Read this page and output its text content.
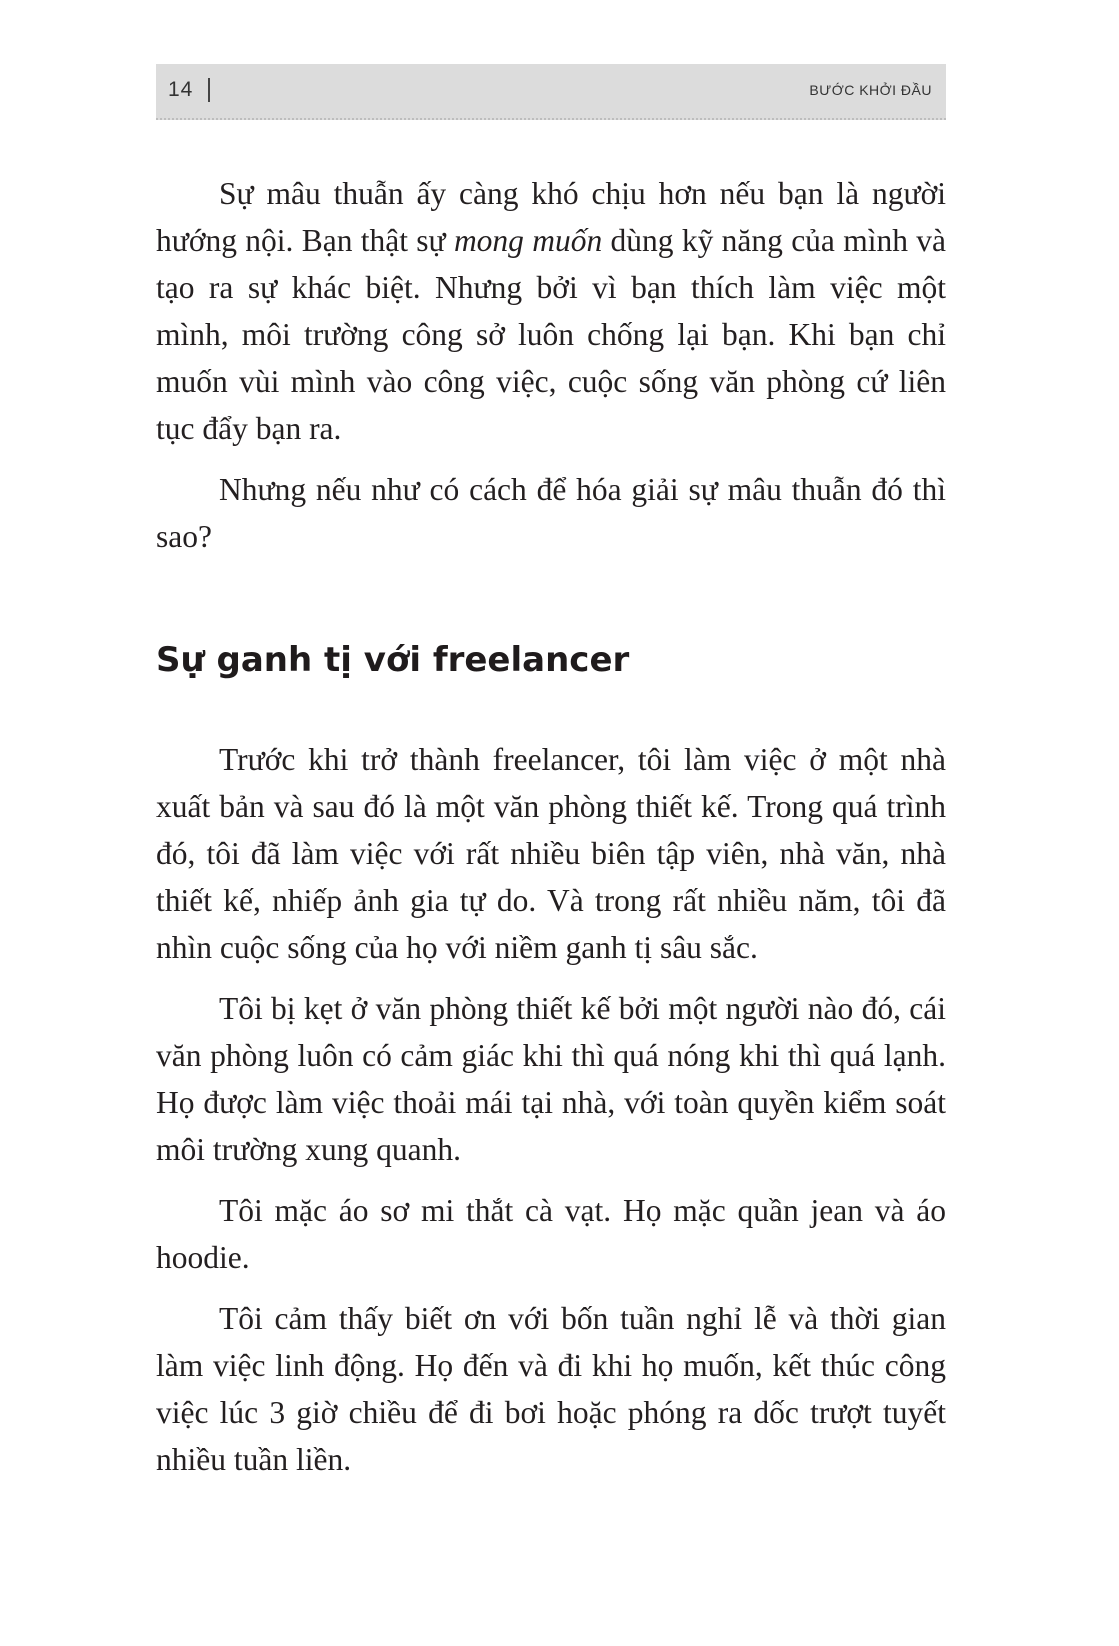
14	BƯỚC KHỞI ĐẦU

Sự mâu thuẫn ấy càng khó chịu hơn nếu bạn là người hướng nội. Bạn thật sự mong muốn dùng kỹ năng của mình và tạo ra sự khác biệt. Nhưng bởi vì bạn thích làm việc một mình, môi trường công sở luôn chống lại bạn. Khi bạn chỉ muốn vùi mình vào công việc, cuộc sống văn phòng cứ liên tục đẩy bạn ra.

Nhưng nếu như có cách để hóa giải sự mâu thuẫn đó thì sao?

Sự ganh tị với freelancer

Trước khi trở thành freelancer, tôi làm việc ở một nhà xuất bản và sau đó là một văn phòng thiết kế. Trong quá trình đó, tôi đã làm việc với rất nhiều biên tập viên, nhà văn, nhà thiết kế, nhiếp ảnh gia tự do. Và trong rất nhiều năm, tôi đã nhìn cuộc sống của họ với niềm ganh tị sâu sắc.

Tôi bị kẹt ở văn phòng thiết kế bởi một người nào đó, cái văn phòng luôn có cảm giác khi thì quá nóng khi thì quá lạnh. Họ được làm việc thoải mái tại nhà, với toàn quyền kiểm soát môi trường xung quanh.

Tôi mặc áo sơ mi thắt cà vạt. Họ mặc quần jean và áo hoodie.

Tôi cảm thấy biết ơn với bốn tuần nghỉ lễ và thời gian làm việc linh động. Họ đến và đi khi họ muốn, kết thúc công việc lúc 3 giờ chiều để đi bơi hoặc phóng ra dốc trượt tuyết nhiều tuần liền.
